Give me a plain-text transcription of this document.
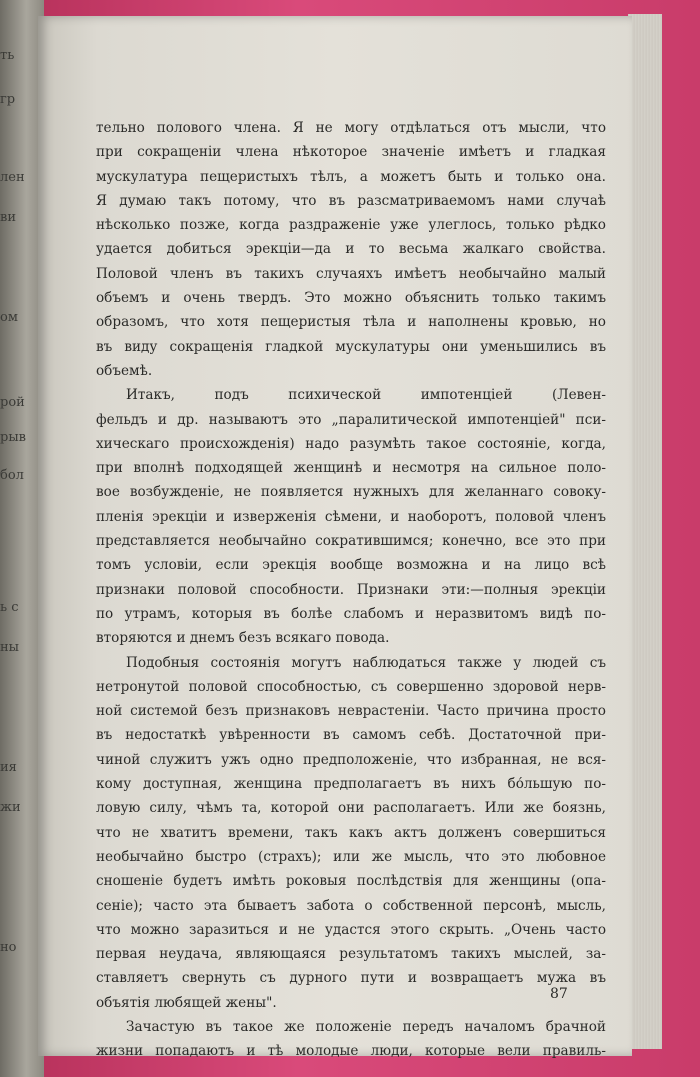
ть
гр
лен
ви
ом
рой
рыв
бол
ь с
ны
ия
жи
но
тельно полового члена. Я не могу отдѣлаться отъ мысли, что
при сокращеніи члена нѣкоторое значеніе имѣетъ и гладкая
мускулатура пещеристыхъ тѣлъ, а можетъ быть и только она.
Я думаю такъ потому, что въ разсматриваемомъ нами случаѣ
нѣсколько позже, когда раздраженіе уже улеглось, только рѣдко
удается добиться эрекціи—да и то весьма жалкаго свойства.
Половой членъ въ такихъ случаяхъ имѣетъ необычайно малый
объемъ и очень твердъ. Это можно объяснить только такимъ
образомъ, что хотя пещеристыя тѣла и наполнены кровью, но
въ виду сокращенія гладкой мускулатуры они уменьшились въ
объемѣ.
Итакъ, подъ психической импотенціей (Левен-
фельдъ и др. называютъ это „паралитической импотенціей" пси-
хическаго происхожденія) надо разумѣть такое состояніе, когда,
при вполнѣ подходящей женщинѣ и несмотря на сильное поло-
вое возбужденіе, не появляется нужныхъ для желаннаго совоку-
пленія эрекціи и изверженія сѣмени, и наоборотъ, половой членъ
представляется необычайно сократившимся; конечно, все это при
томъ условіи, если эрекція вообще возможна и на лицо всѣ
признаки половой способности. Признаки эти:—полныя эрекціи
по утрамъ, которыя въ болѣе слабомъ и неразвитомъ видѣ по-
вторяются и днемъ безъ всякаго повода.
Подобныя состоянія могутъ наблюдаться также у людей съ
нетронутой половой способностью, съ совершенно здоровой нерв-
ной системой безъ признаковъ неврастеніи. Часто причина просто
въ недостаткѣ увѣренности въ самомъ себѣ. Достаточной при-
чиной служитъ ужъ одно предположеніе, что избранная, не вся-
кому доступная, женщина предполагаетъ въ нихъ бо́льшую по-
ловую силу, чѣмъ та, которой они располагаетъ. Или же боязнь,
что не хватитъ времени, такъ какъ актъ долженъ совершиться
необычайно быстро (страхъ); или же мысль, что это любовное
сношеніе будетъ имѣть роковыя послѣдствія для женщины (опа-
сеніе); часто эта бываетъ забота о собственной персонѣ, мысль,
что можно заразиться и не удастся этого скрыть. „Очень часто
первая неудача, являющаяся результатомъ такихъ мыслей, за-
ставляетъ свернуть съ дурного пути и возвращаетъ мужа въ
объятія любящей жены".
Зачастую въ такое же положеніе передъ началомъ брачной
жизни попадаютъ и тѣ молодые люди, которые вели правиль-
87
